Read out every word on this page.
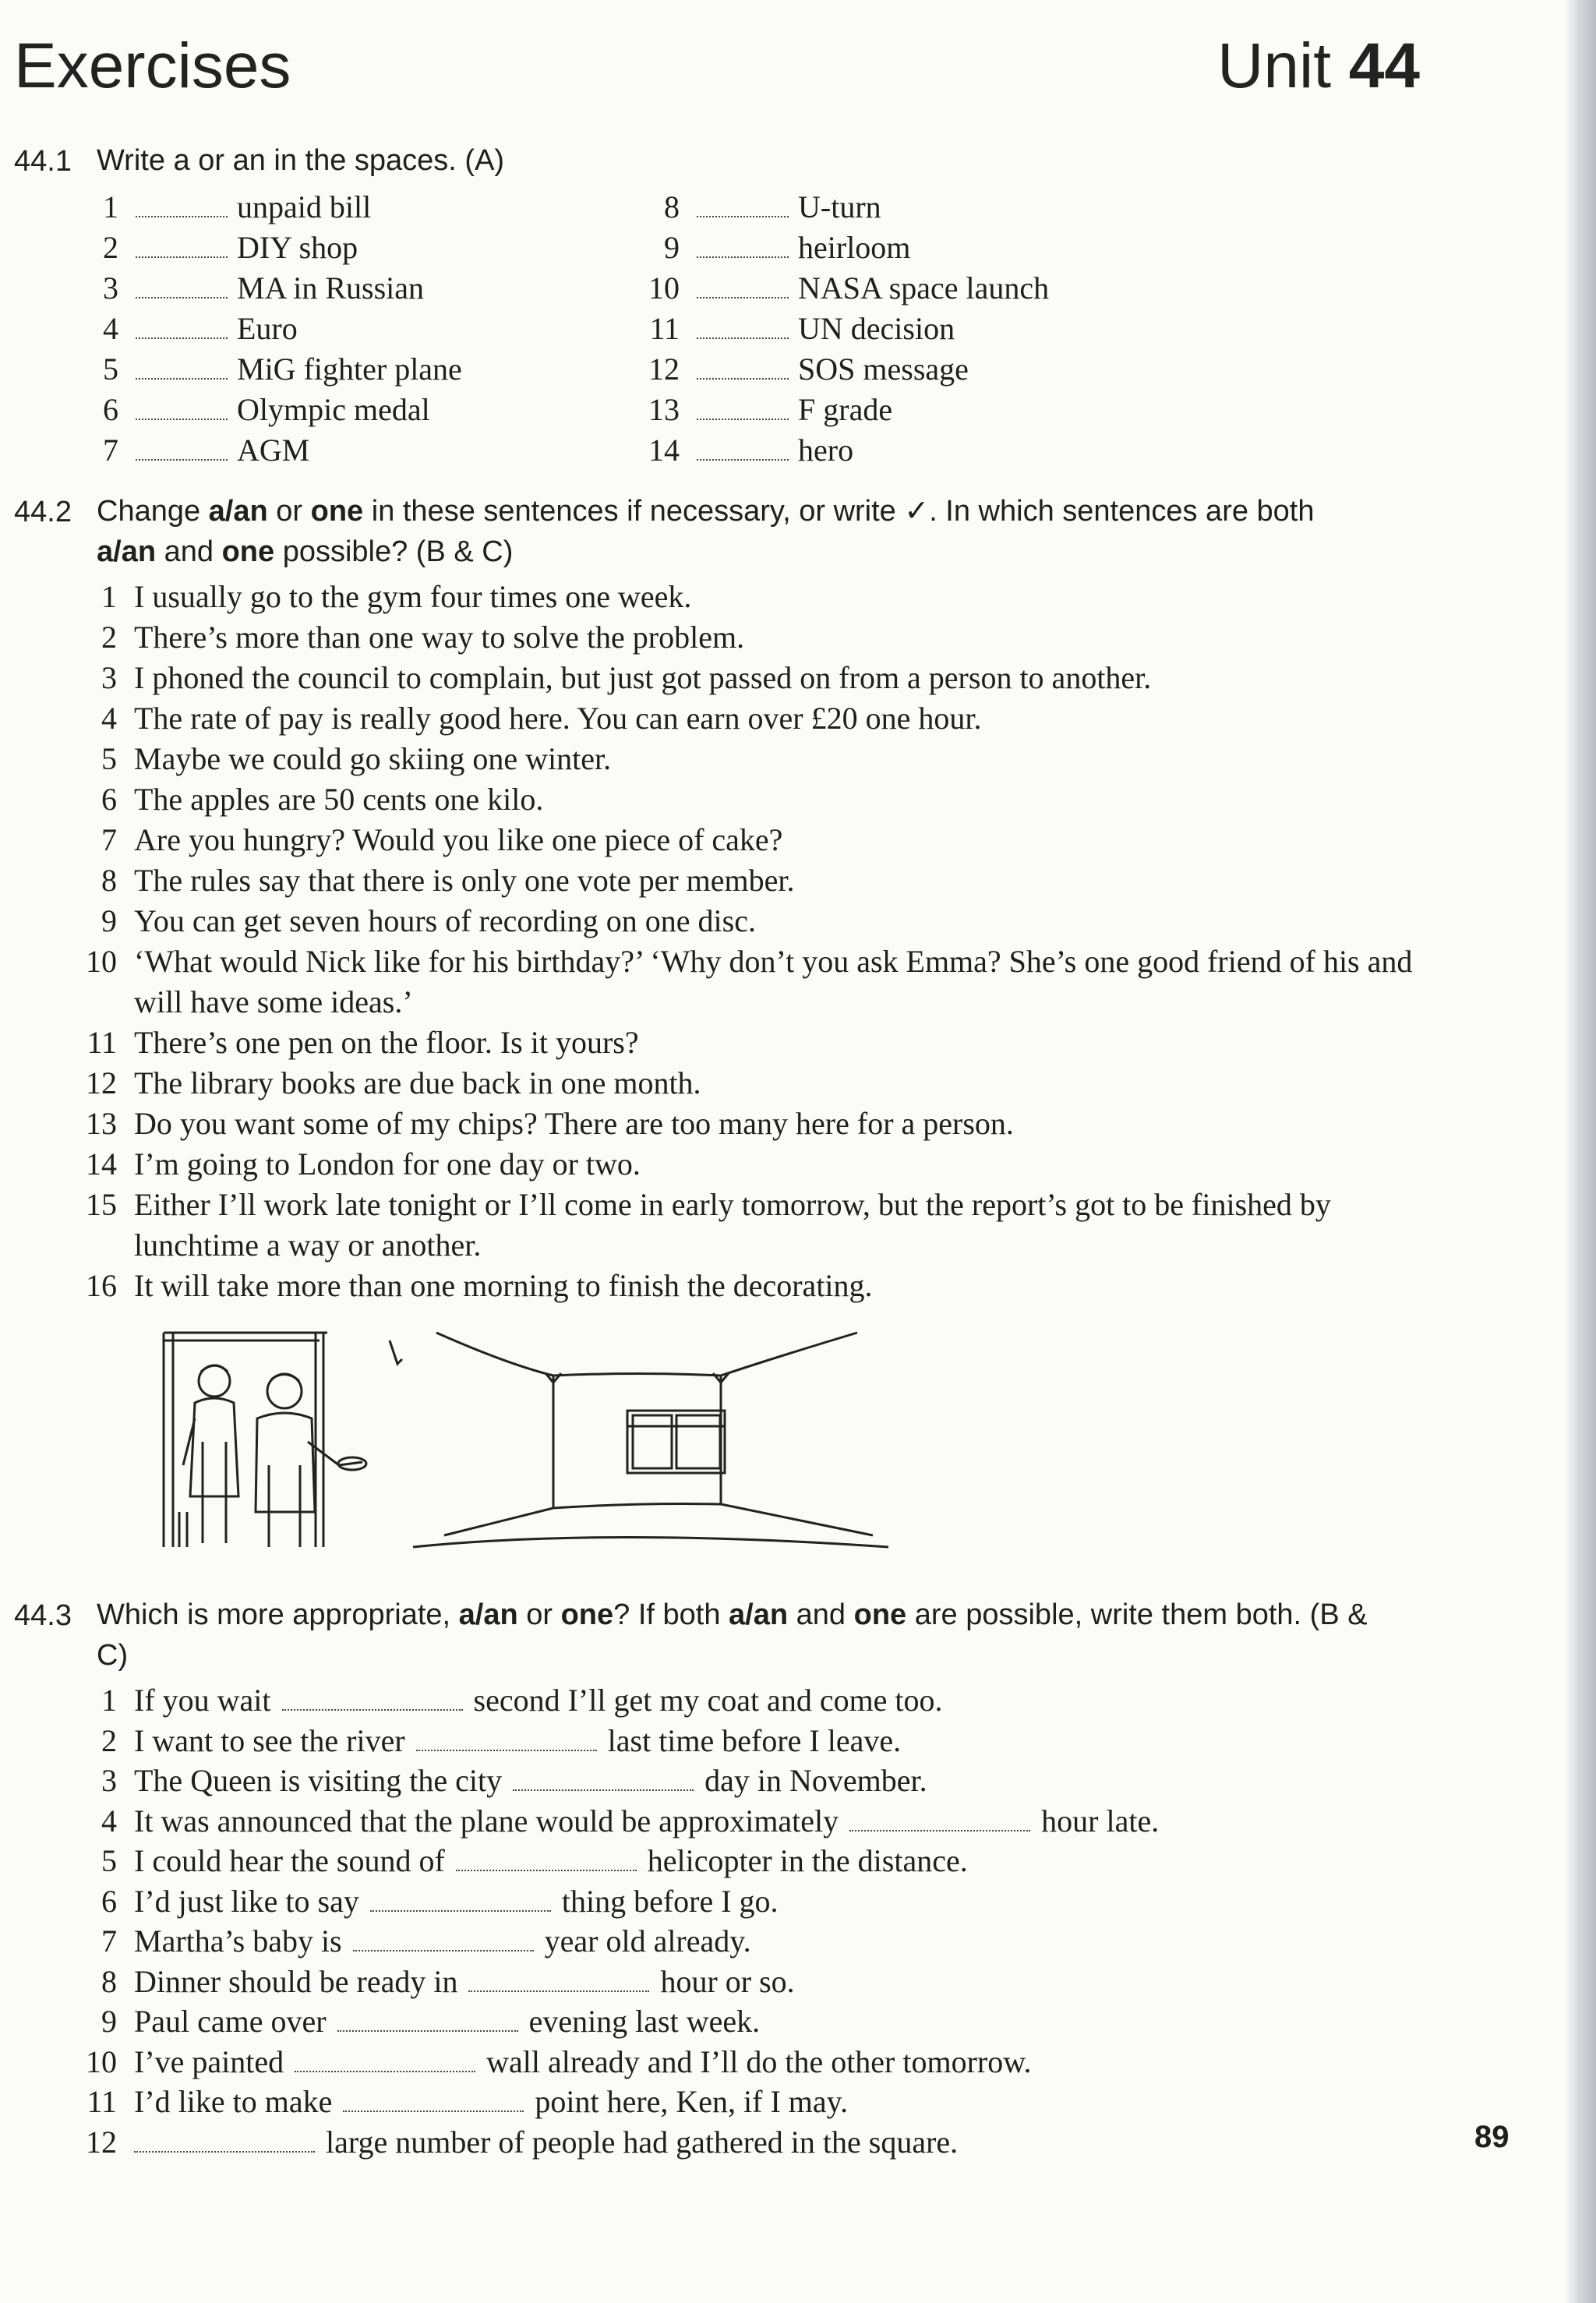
Exercises	Unit 44
44.1 Write a or an in the spaces. (A)
1	unpaid bill
2	DIY shop
3	MA in Russian
4	Euro
5	MiG fighter plane
6	Olympic medal
7	AGM
8	U-turn
9	heirloom
10	NASA space launch
11	UN decision
12	SOS message
13	F grade
14	hero
44.2 Change a/an or one in these sentences if necessary, or write ✓. In which sentences are both a/an and one possible? (B & C)
1 I usually go to the gym four times one week.
2 There’s more than one way to solve the problem.
3 I phoned the council to complain, but just got passed on from a person to another.
4 The rate of pay is really good here. You can earn over £20 one hour.
5 Maybe we could go skiing one winter.
6 The apples are 50 cents one kilo.
7 Are you hungry? Would you like one piece of cake?
8 The rules say that there is only one vote per member.
9 You can get seven hours of recording on one disc.
10 ‘What would Nick like for his birthday?’ ‘Why don’t you ask Emma? She’s one good friend of his and will have some ideas.’
11 There’s one pen on the floor. Is it yours?
12 The library books are due back in one month.
13 Do you want some of my chips? There are too many here for a person.
14 I’m going to London for one day or two.
15 Either I’ll work late tonight or I’ll come in early tomorrow, but the report’s got to be finished by lunchtime a way or another.
16 It will take more than one morning to finish the decorating.
44.3 Which is more appropriate, a/an or one? If both a/an and one are possible, write them both. (B & C)
1 If you wait	second I’ll get my coat and come too.
2 I want to see the river	last time before I leave.
3 The Queen is visiting the city	day in November.
4 It was announced that the plane would be approximately	hour late.
5 I could hear the sound of	helicopter in the distance.
6 I’d just like to say	thing before I go.
7 Martha’s baby is	year old already.
8 Dinner should be ready in	hour or so.
9 Paul came over	evening last week.
10 I’ve painted	wall already and I’ll do the other tomorrow.
11 I’d like to make	point here, Ken, if I may.
12	large number of people had gathered in the square.	89
